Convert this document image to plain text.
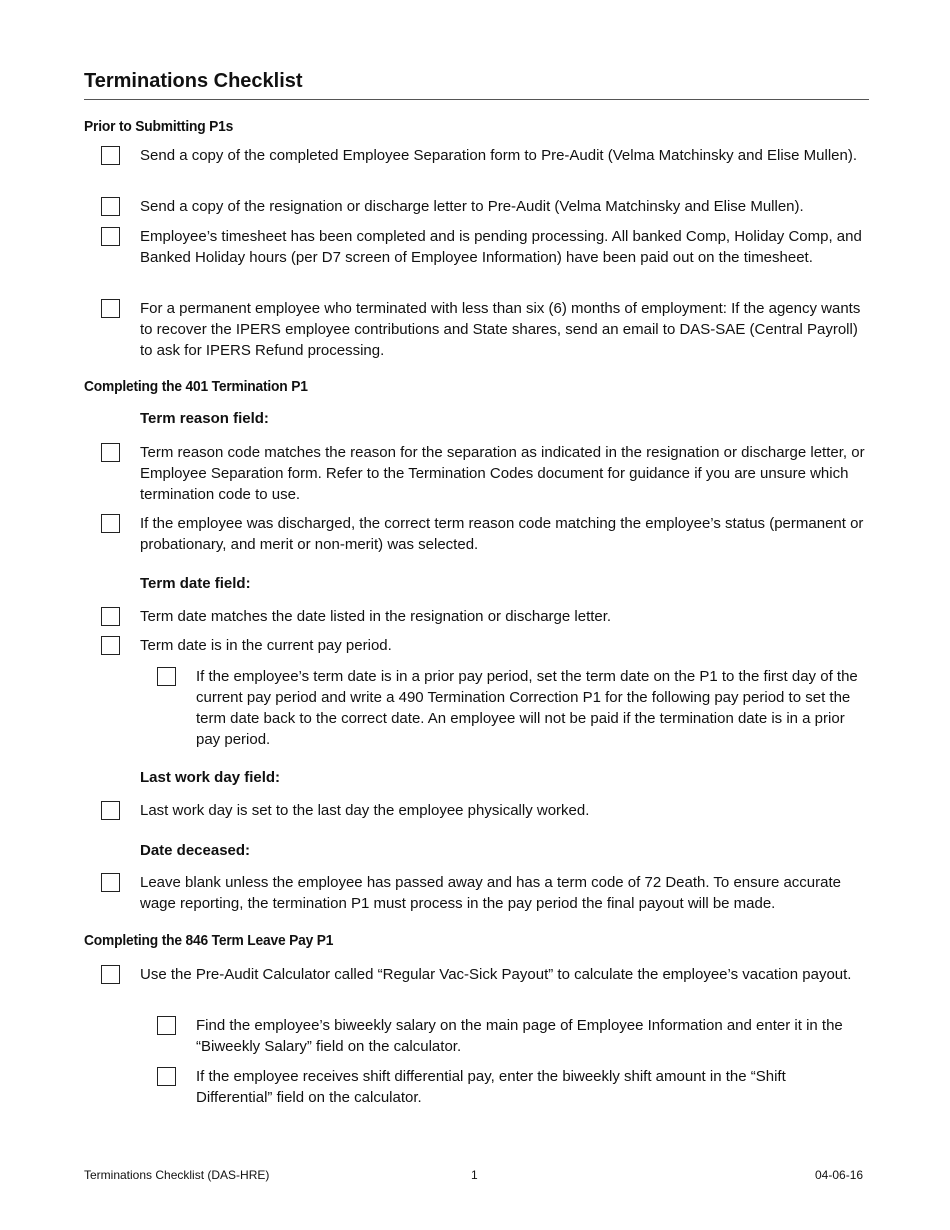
Terminations Checklist
Prior to Submitting P1s
Send a copy of the completed Employee Separation form to Pre-Audit (Velma Matchinsky and Elise Mullen).
Send a copy of the resignation or discharge letter to Pre-Audit (Velma Matchinsky and Elise Mullen).
Employee’s timesheet has been completed and is pending processing. All banked Comp, Holiday Comp, and Banked Holiday hours (per D7 screen of Employee Information) have been paid out on the timesheet.
For a permanent employee who terminated with less than six (6) months of employment: If the agency wants to recover the IPERS employee contributions and State shares, send an email to DAS-SAE (Central Payroll) to ask for IPERS Refund processing.
Completing the 401 Termination P1
Term reason field:
Term reason code matches the reason for the separation as indicated in the resignation or discharge letter, or Employee Separation form. Refer to the Termination Codes document for guidance if you are unsure which termination code to use.
If the employee was discharged, the correct term reason code matching the employee’s status (permanent or probationary, and merit or non-merit) was selected.
Term date field:
Term date matches the date listed in the resignation or discharge letter.
Term date is in the current pay period.
If the employee’s term date is in a prior pay period, set the term date on the P1 to the first day of the current pay period and write a 490 Termination Correction P1 for the following pay period to set the term date back to the correct date. An employee will not be paid if the termination date is in a prior pay period.
Last work day field:
Last work day is set to the last day the employee physically worked.
Date deceased:
Leave blank unless the employee has passed away and has a term code of 72 Death. To ensure accurate wage reporting, the termination P1 must process in the pay period the final payout will be made.
Completing the 846 Term Leave Pay P1
Use the Pre-Audit Calculator called “Regular Vac-Sick Payout” to calculate the employee’s vacation payout.
Find the employee’s biweekly salary on the main page of Employee Information and enter it in the “Biweekly Salary” field on the calculator.
If the employee receives shift differential pay, enter the biweekly shift amount in the “Shift Differential” field on the calculator.
Terminations Checklist (DAS-HRE)	1	04-06-16
